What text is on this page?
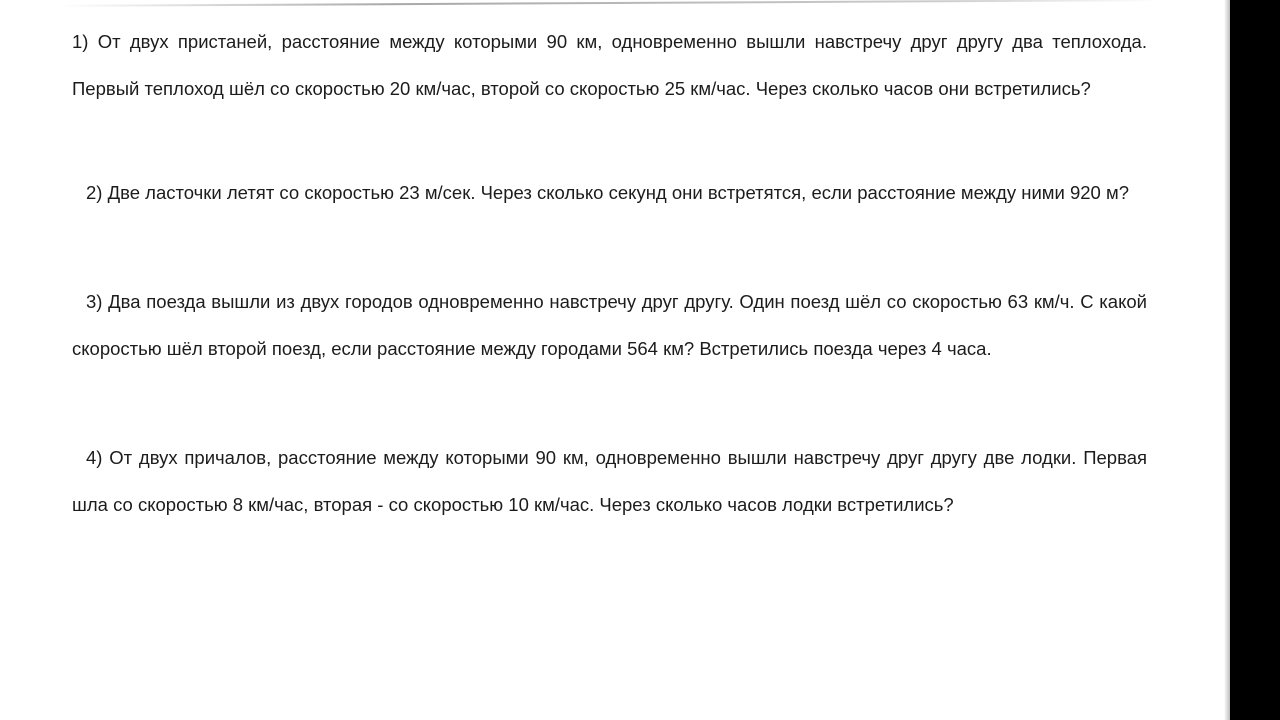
1) От двух пристаней, расстояние между которыми 90 км, одновременно вышли навстречу друг другу два теплохода. Первый теплоход шёл со скоростью 20 км/час, второй со скоростью 25 км/час. Через сколько часов они встретились?

2) Две ласточки летят со скоростью 23 м/сек. Через сколько секунд они встретятся, если расстояние между ними 920 м?

3) Два поезда вышли из двух городов одновременно навстречу друг другу. Один поезд шёл со скоростью 63 км/ч. С какой скоростью шёл второй поезд, если расстояние между городами 564 км? Встретились поезда через 4 часа.

4) От двух причалов, расстояние между которыми 90 км, одновременно вышли навстречу друг другу две лодки. Первая шла со скоростью 8 км/час, вторая - со скоростью 10 км/час. Через сколько часов лодки встретились?
